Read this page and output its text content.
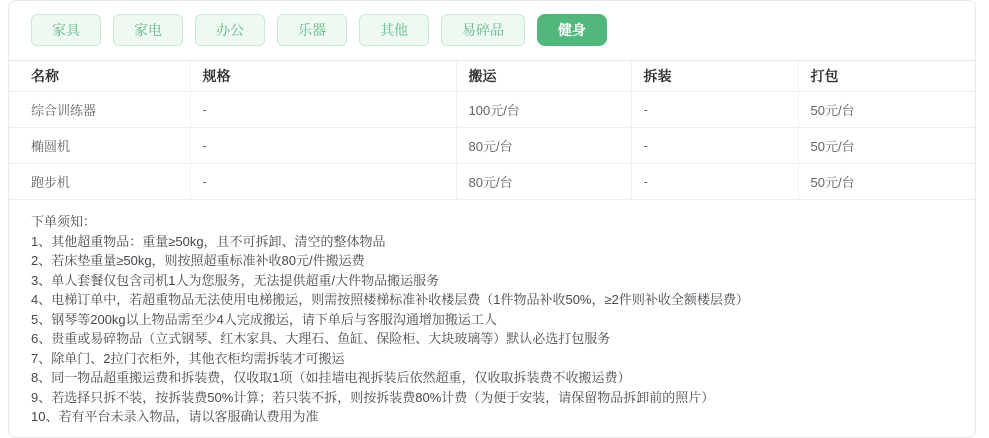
家具	家电	办公	乐器	其他	易碎品	健身
名称	规格	搬运	拆装	打包
综合训练器	-	100元/台	-	50元/台
椭圆机	-	80元/台	-	50元/台
跑步机	-	80元/台	-	50元/台
下单须知：
1、其他超重物品：重量≥50kg，且不可拆卸、清空的整体物品
2、若床垫重量≥50kg，则按照超重标准补收80元/件搬运费
3、单人套餐仅包含司机1人为您服务，无法提供超重/大件物品搬运服务
4、电梯订单中，若超重物品无法使用电梯搬运，则需按照楼梯标准补收楼层费（1件物品补收50%，≥2件则补收全额楼层费）
5、钢琴等200kg以上物品需至少4人完成搬运，请下单后与客服沟通增加搬运工人
6、贵重或易碎物品（立式钢琴、红木家具、大理石、鱼缸、保险柜、大块玻璃等）默认必选打包服务
7、除单门、2拉门衣柜外，其他衣柜均需拆装才可搬运
8、同一物品超重搬运费和拆装费，仅收取1项（如挂墙电视拆装后依然超重，仅收取拆装费不收搬运费）
9、若选择只拆不装，按拆装费50%计算；若只装不拆，则按拆装费80%计费（为便于安装，请保留物品拆卸前的照片）
10、若有平台未录入物品，请以客服确认费用为准
